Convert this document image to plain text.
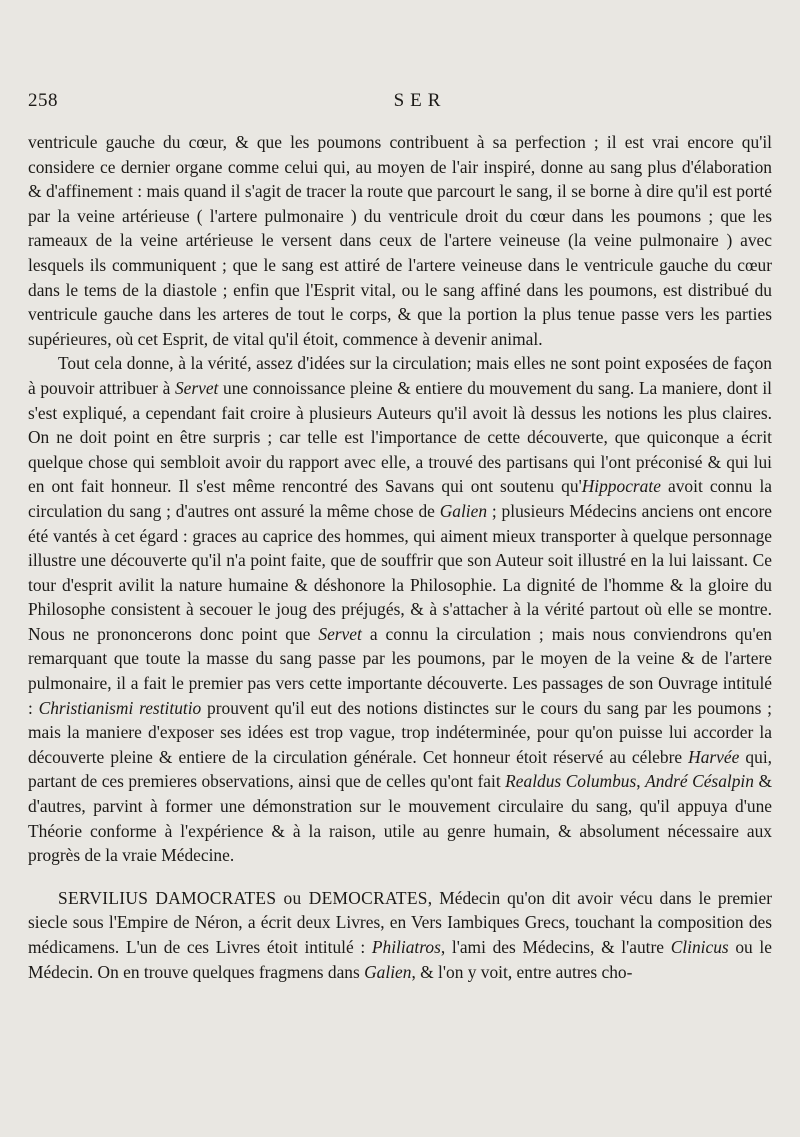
258	SER

ventricule gauche du cœur, & que les poumons contribuent à sa perfection ; il est vrai encore qu'il considere ce dernier organe comme celui qui, au moyen de l'air inspiré, donne au sang plus d'élaboration & d'affinement : mais quand il s'agit de tracer la route que parcourt le sang, il se borne à dire qu'il est porté par la veine artérieuse ( l'artere pulmonaire ) du ventricule droit du cœur dans les poumons ; que les rameaux de la veine artérieuse le versent dans ceux de l'artere veineuse (la veine pulmonaire ) avec lesquels ils communiquent ; que le sang est attiré de l'artere veineuse dans le ventricule gauche du cœur dans le tems de la diastole ; enfin que l'Esprit vital, ou le sang affiné dans les poumons, est distribué du ventricule gauche dans les arteres de tout le corps, & que la portion la plus tenue passe vers les parties supérieures, où cet Esprit, de vital qu'il étoit, commence à devenir animal.

Tout cela donne, à la vérité, assez d'idées sur la circulation; mais elles ne sont point exposées de façon à pouvoir attribuer à Servet une connoissance pleine & entiere du mouvement du sang. La maniere, dont il s'est expliqué, a cependant fait croire à plusieurs Auteurs qu'il avoit là dessus les notions les plus claires. On ne doit point en être surpris ; car telle est l'importance de cette découverte, que quiconque a écrit quelque chose qui sembloit avoir du rapport avec elle, a trouvé des partisans qui l'ont préconisé & qui lui en ont fait honneur. Il s'est même rencontré des Savans qui ont soutenu qu'Hippocrate avoit connu la circulation du sang ; d'autres ont assuré la même chose de Galien ; plusieurs Médecins anciens ont encore été vantés à cet égard : graces au caprice des hommes, qui aiment mieux transporter à quelque personnage illustre une découverte qu'il n'a point faite, que de souffrir que son Auteur soit illustré en la lui laissant. Ce tour d'esprit avilit la nature humaine & déshonore la Philosophie. La dignité de l'homme & la gloire du Philosophe consistent à secouer le joug des préjugés, & à s'attacher à la vérité partout où elle se montre. Nous ne prononcerons donc point que Servet a connu la circulation ; mais nous conviendrons qu'en remarquant que toute la masse du sang passe par les poumons, par le moyen de la veine & de l'artere pulmonaire, il a fait le premier pas vers cette importante découverte. Les passages de son Ouvrage intitulé : Christianismi restitutio prouvent qu'il eut des notions distinctes sur le cours du sang par les poumons ; mais la maniere d'exposer ses idées est trop vague, trop indéterminée, pour qu'on puisse lui accorder la découverte pleine & entiere de la circulation générale. Cet honneur étoit réservé au célebre Harvée qui, partant de ces premieres observations, ainsi que de celles qu'ont fait Realdus Columbus, André Césalpin & d'autres, parvint à former une démonstration sur le mouvement circulaire du sang, qu'il appuya d'une Théorie conforme à l'expérience & à la raison, utile au genre humain, & absolument nécessaire aux progrès de la vraie Médecine.

SERVILIUS DAMOCRATES ou DEMOCRATES, Médecin qu'on dit avoir vécu dans le premier siecle sous l'Empire de Néron, a écrit deux Livres, en Vers Iambiques Grecs, touchant la composition des médicamens. L'un de ces Livres étoit intitulé : Philiatros, l'ami des Médecins, & l'autre Clinicus ou le Médecin. On en trouve quelques fragmens dans Galien, & l'on y voit, entre autres cho-
